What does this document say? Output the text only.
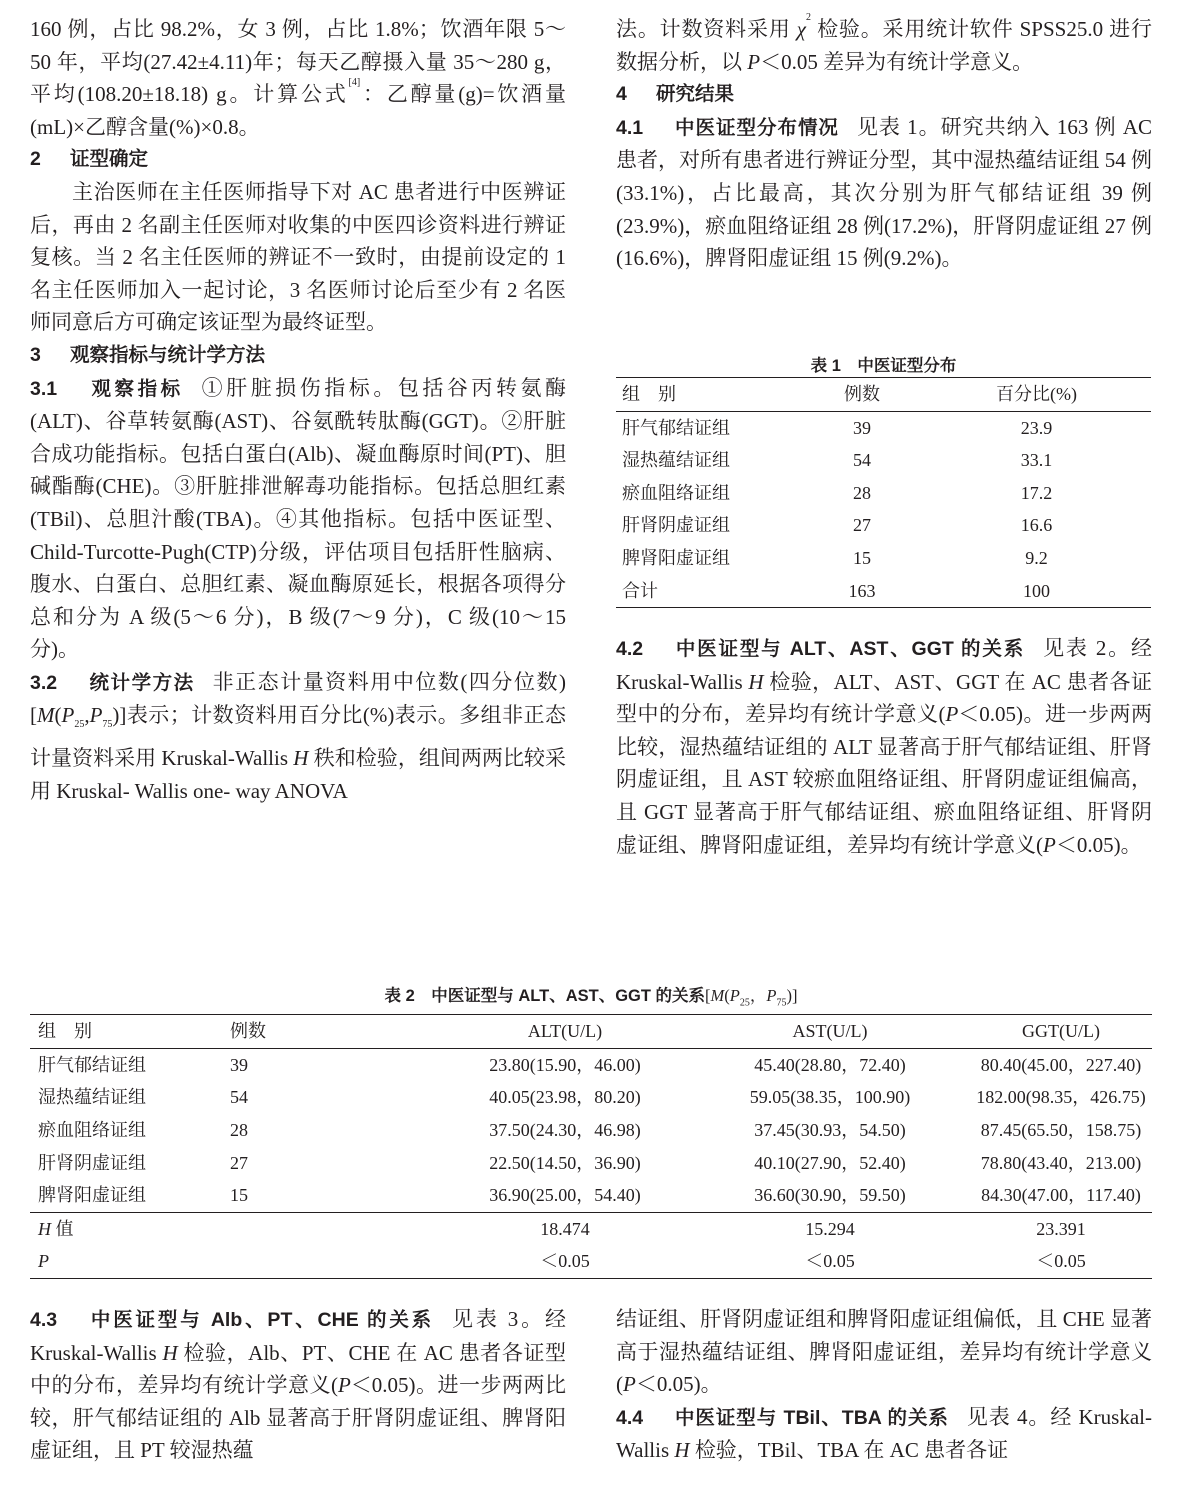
160 例，占比 98.2%，女 3 例，占比 1.8%；饮酒年限 5～50 年，平均(27.42±4.11)年；每天乙醇摄入量 35～280 g，平均(108.20±18.18) g。计算公式[4]：乙醇量(g)=饮酒量(mL)×乙醇含量(%)×0.8。

2 证型确定

主治医师在主任医师指导下对 AC 患者进行中医辨证后，再由 2 名副主任医师对收集的中医四诊资料进行辨证复核。当 2 名主任医师的辨证不一致时，由提前设定的 1 名主任医师加入一起讨论，3 名医师讨论后至少有 2 名医师同意后方可确定该证型为最终证型。

3 观察指标与统计学方法

3.1 观察指标 ①肝脏损伤指标。包括谷丙转氨酶(ALT)、谷草转氨酶(AST)、谷氨酰转肽酶(GGT)。②肝脏合成功能指标。包括白蛋白(Alb)、凝血酶原时间(PT)、胆碱酯酶(CHE)。③肝脏排泄解毒功能指标。包括总胆红素(TBil)、总胆汁酸(TBA)。④其他指标。包括中医证型、Child-Turcotte-Pugh(CTP)分级，评估项目包括肝性脑病、腹水、白蛋白、总胆红素、凝血酶原延长，根据各项得分总和分为 A 级(5～6 分)，B 级(7～9 分)，C 级(10～15 分)。

3.2 统计学方法 非正态计量资料用中位数(四分位数)$[M(P_{25},P_{75})]$表示；计数资料用百分比(%)表示。多组非正态计量资料采用 Kruskal-Wallis H 秩和检验，组间两两比较采用 Kruskal- Wallis one- way ANOVA

法。计数资料采用 $\chi^2$ 检验。采用统计软件 SPSS25.0 进行数据分析，以 P＜0.05 差异为有统计学意义。

4 研究结果

4.1 中医证型分布情况 见表 1。研究共纳入 163 例 AC 患者，对所有患者进行辨证分型，其中湿热蕴结证组 54 例(33.1%)，占比最高，其次分别为肝气郁结证组 39 例(23.9%)，瘀血阻络证组 28 例(17.2%)，肝肾阴虚证组 27 例(16.6%)，脾肾阳虚证组 15 例(9.2%)。

表 1　 中医证型分布
组　别	例数	百分比(%)
肝气郁结证组	39	23.9
湿热蕴结证组	54	33.1
瘀血阻络证组	28	17.2
肝肾阴虚证组	27	16.6
脾肾阳虚证组	15	9.2
合计	163	100

4.2 中医证型与 ALT、AST、GGT 的关系 见表 2。经 Kruskal-Wallis H 检验，ALT、AST、GGT 在 AC 患者各证型中的分布，差异均有统计学意义(P＜0.05)。进一步两两比较，湿热蕴结证组的 ALT 显著高于肝气郁结证组、肝肾阴虚证组，且 AST 较瘀血阻络证组、肝肾阴虚证组偏高，且 GGT 显著高于肝气郁结证组、瘀血阻络证组、肝肾阴虚证组、脾肾阳虚证组，差异均有统计学意义(P＜0.05)。

表 2　 中医证型与 ALT、AST、GGT 的关系[$M(P_{25}$，$P_{75}$)]
组　别	例数	ALT(U/L)	AST(U/L)	GGT(U/L)
肝气郁结证组	39	23.80(15.90，46.00)	45.40(28.80，72.40)	80.40(45.00，227.40)
湿热蕴结证组	54	40.05(23.98，80.20)	59.05(38.35，100.90)	182.00(98.35，426.75)
瘀血阻络证组	28	37.50(24.30，46.98)	37.45(30.93，54.50)	87.45(65.50，158.75)
肝肾阴虚证组	27	22.50(14.50，36.90)	40.10(27.90，52.40)	78.80(43.40，213.00)
脾肾阳虚证组	15	36.90(25.00，54.40)	36.60(30.90，59.50)	84.30(47.00，117.40)
H 值		18.474	15.294	23.391
P		＜0.05	＜0.05	＜0.05

4.3 中医证型与 Alb、PT、CHE 的关系 见表 3。经 Kruskal-Wallis H 检验，Alb、PT、CHE 在 AC 患者各证型中的分布，差异均有统计学意义(P＜0.05)。进一步两两比较，肝气郁结证组的 Alb 显著高于肝肾阴虚证组、脾肾阳虚证组，且 PT 较湿热蕴

结证组、肝肾阴虚证组和脾肾阳虚证组偏低，且 CHE 显著高于湿热蕴结证组、脾肾阳虚证组，差异均有统计学意义(P＜0.05)。

4.4 中医证型与 TBil、TBA 的关系 见表 4。经 Kruskal-Wallis H 检验，TBil、TBA 在 AC 患者各证
